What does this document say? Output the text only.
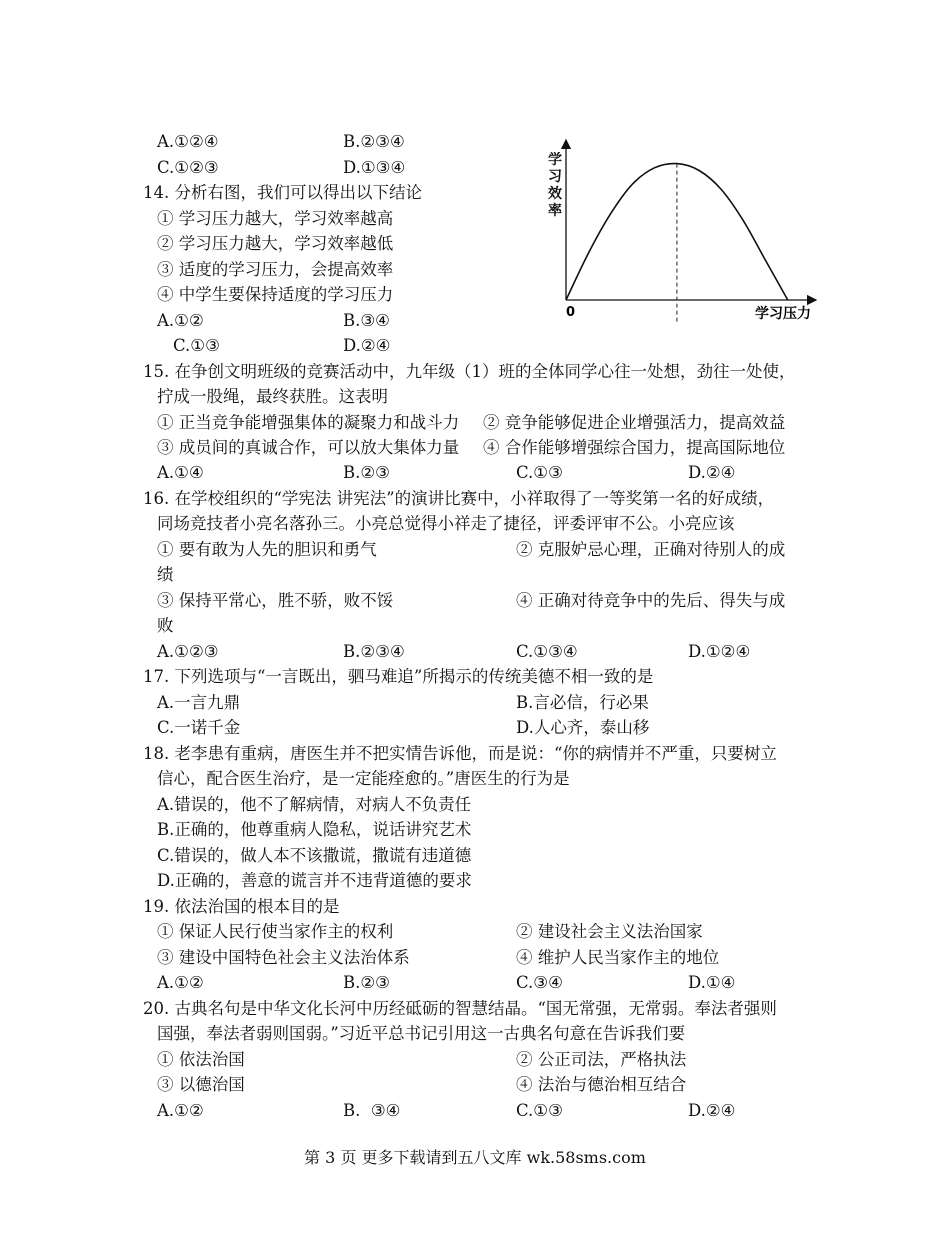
A.①②④	B.②③④
C.①②③	D.①③④
14. 分析右图，我们可以得出以下结论
① 学习压力越大，学习效率越高
② 学习压力越大，学习效率越低
③ 适度的学习压力，会提高效率
④ 中学生要保持适度的学习压力
A.①②	B.③④
C.①③	D.②④
学习效率
0	学习压力
15. 在争创文明班级的竞赛活动中，九年级（1）班的全体同学心往一处想，劲往一处使，
拧成一股绳，最终获胜。这表明
① 正当竞争能增强集体的凝聚力和战斗力 ② 竞争能够促进企业增强活力，提高效益
③ 成员间的真诚合作，可以放大集体力量 ④ 合作能够增强综合国力，提高国际地位
A.①④	B.②③	C.①③	D.②④
16. 在学校组织的“学宪法 讲宪法”的演讲比赛中，小祥取得了一等奖第一名的好成绩，
同场竞技者小亮名落孙三。小亮总觉得小祥走了捷径，评委评审不公。小亮应该
① 要有敢为人先的胆识和勇气	② 克服妒忌心理，正确对待别人的成
绩
③ 保持平常心，胜不骄，败不馁	④ 正确对待竞争中的先后、得失与成
败
A.①②③	B.②③④	C.①③④	D.①②④
17. 下列选项与“一言既出，驷马难追”所揭示的传统美德不相一致的是
A.一言九鼎	B.言必信，行必果
C.一诺千金	D.人心齐，泰山移
18. 老李患有重病，唐医生并不把实情告诉他，而是说：“你的病情并不严重，只要树立
信心，配合医生治疗，是一定能痊愈的。”唐医生的行为是
A.错误的，他不了解病情，对病人不负责任
B.正确的，他尊重病人隐私，说话讲究艺术
C.错误的，做人本不该撒谎，撒谎有违道德
D.正确的，善意的谎言并不违背道德的要求
19. 依法治国的根本目的是
① 保证人民行使当家作主的权利	② 建设社会主义法治国家
③ 建设中国特色社会主义法治体系	④ 维护人民当家作主的地位
A.①②	B.②③	C.③④	D.①④
20. 古典名句是中华文化长河中历经砥砺的智慧结晶。“国无常强，无常弱。奉法者强则
国强，奉法者弱则国弱。”习近平总书记引用这一古典名句意在告诉我们要
① 依法治国	② 公正司法，严格执法
③ 以德治国	④ 法治与德治相互结合
A.①②	B.  ③④	C.①③	D.②④
第 3 页 更多下载请到五八文库 wk.58sms.com
